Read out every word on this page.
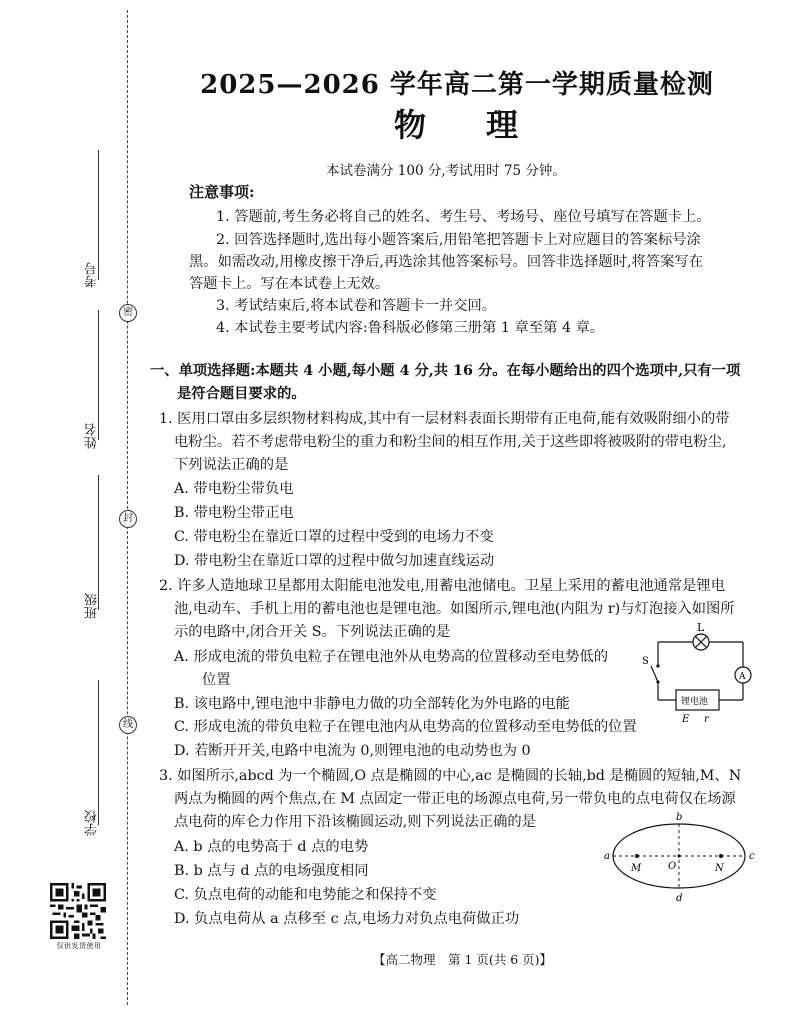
密
封
线
考号
姓名
班级
学校
仅供发货使用
2025—2026 学年高二第一学期质量检测
物理
本试卷满分 100 分,考试用时 75 分钟。
注意事项:
1. 答题前,考生务必将自己的姓名、考生号、考场号、座位号填写在答题卡上。
2. 回答选择题时,选出每小题答案后,用铅笔把答题卡上对应题目的答案标号涂
黑。如需改动,用橡皮擦干净后,再选涂其他答案标号。回答非选择题时,将答案写在
答题卡上。写在本试卷上无效。
3. 考试结束后,将本试卷和答题卡一并交回。
4. 本试卷主要考试内容:鲁科版必修第三册第 1 章至第 4 章。
一、单项选择题:本题共 4 小题,每小题 4 分,共 16 分。在每小题给出的四个选项中,只有一项
是符合题目要求的。
1. 医用口罩由多层织物材料构成,其中有一层材料表面长期带有正电荷,能有效吸附细小的带
电粉尘。若不考虑带电粉尘的重力和粉尘间的相互作用,关于这些即将被吸附的带电粉尘,
下列说法正确的是
A. 带电粉尘带负电
B. 带电粉尘带正电
C. 带电粉尘在靠近口罩的过程中受到的电场力不变
D. 带电粉尘在靠近口罩的过程中做匀加速直线运动
2. 许多人造地球卫星都用太阳能电池发电,用蓄电池储电。卫星上采用的蓄电池通常是锂电
池,电动车、手机上用的蓄电池也是锂电池。如图所示,锂电池(内阻为 r)与灯泡接入如图所
示的电路中,闭合开关 S。下列说法正确的是
A. 形成电流的带负电粒子在锂电池外从电势高的位置移动至电势低的
位置
B. 该电路中,锂电池中非静电力做的功全部转化为外电路的电能
C. 形成电流的带负电粒子在锂电池内从电势高的位置移动至电势低的位置
D. 若断开开关,电路中电流为 0,则锂电池的电动势也为 0
L
A
S
锂电池
E r
3. 如图所示,abcd 为一个椭圆,O 点是椭圆的中心,ac 是椭圆的长轴,bd 是椭圆的短轴,M、N
两点为椭圆的两个焦点,在 M 点固定一带正电的场源点电荷,另一带负电的点电荷仅在场源
点电荷的库仑力作用下沿该椭圆运动,则下列说法正确的是
A. b 点的电势高于 d 点的电势
B. b 点与 d 点的电场强度相同
C. 负点电荷的动能和电势能之和保持不变
D. 负点电荷从 a 点移至 c 点,电场力对负点电荷做正功
a
b
c
d
O
M	N
【高二物理　第 1 页(共 6 页)】
